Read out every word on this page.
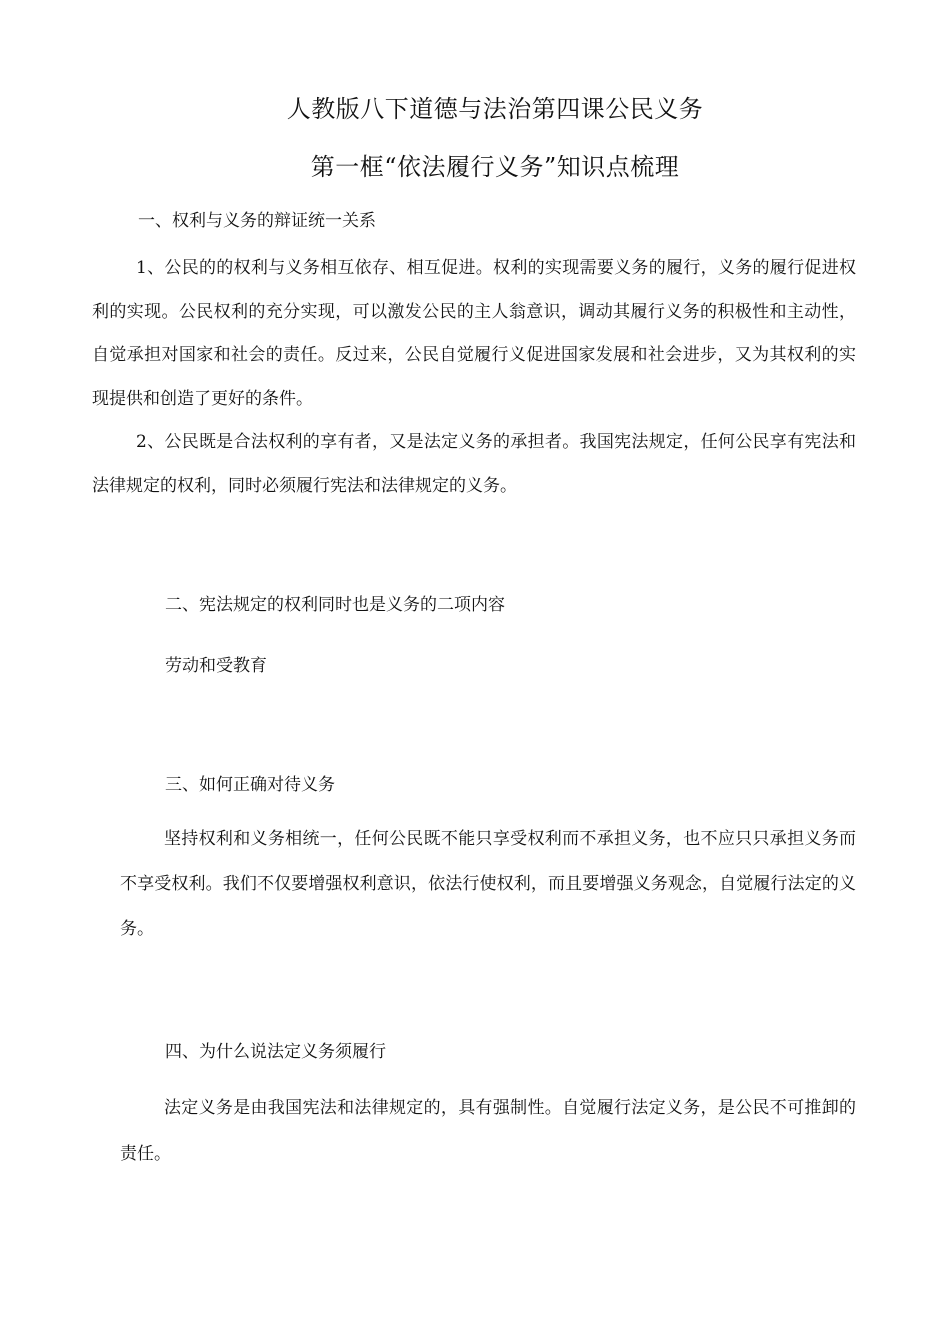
人教版八下道德与法治第四课公民义务
第一框“依法履行义务”知识点梳理
一、权利与义务的辩证统一关系
1、公民的的权利与义务相互依存、相互促进。权利的实现需要义务的履行，义务的履行促进权利的实现。公民权利的充分实现，可以激发公民的主人翁意识，调动其履行义务的积极性和主动性，自觉承担对国家和社会的责任。反过来，公民自觉履行义促进国家发展和社会进步，又为其权利的实现提供和创造了更好的条件。
2、公民既是合法权利的享有者，又是法定义务的承担者。我国宪法规定，任何公民享有宪法和法律规定的权利，同时必须履行宪法和法律规定的义务。
二、宪法规定的权利同时也是义务的二项内容
劳动和受教育
三、如何正确对待义务
坚持权利和义务相统一，任何公民既不能只享受权利而不承担义务，也不应只只承担义务而不享受权利。我们不仅要增强权利意识，依法行使权利，而且要增强义务观念，自觉履行法定的义务。
四、为什么说法定义务须履行
法定义务是由我国宪法和法律规定的，具有强制性。自觉履行法定义务，是公民不可推卸的责任。
